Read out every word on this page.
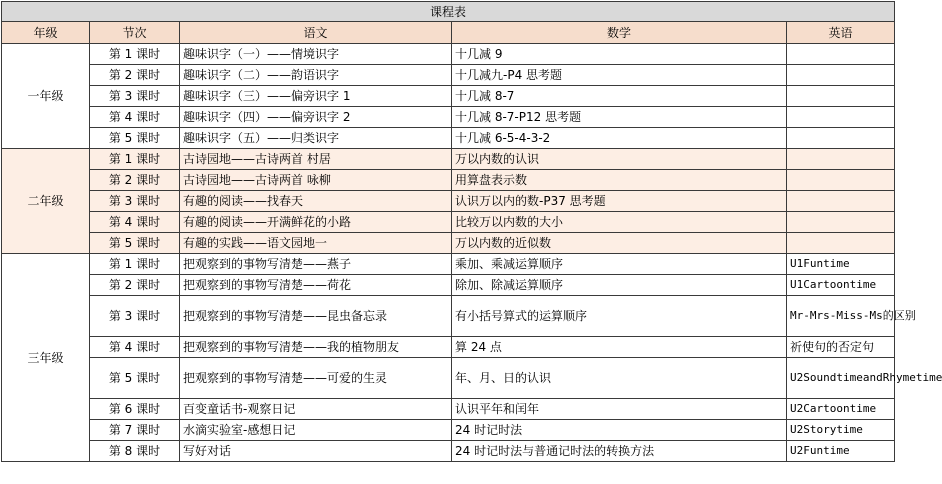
课程表				
年级	节次	语文	数学	英语
一年级	第 1 课时	趣味识字（一）——情境识字	十几减 9	
	第 2 课时	趣味识字（二）——韵语识字	十几减九-P4 思考题	
	第 3 课时	趣味识字（三）——偏旁识字 1	十几减 8-7	
	第 4 课时	趣味识字（四）——偏旁识字 2	十几减 8-7-P12 思考题	
	第 5 课时	趣味识字（五）——归类识字	十几减 6-5-4-3-2	
二年级	第 1 课时	古诗园地——古诗两首 村居	万以内数的认识	
	第 2 课时	古诗园地——古诗两首 咏柳	用算盘表示数	
	第 3 课时	有趣的阅读——找春天	认识万以内的数-P37 思考题	
	第 4 课时	有趣的阅读——开满鲜花的小路	比较万以内数的大小	
	第 5 课时	有趣的实践——语文园地一	万以内数的近似数	
三年级	第 1 课时	把观察到的事物写清楚——燕子	乘加、乘减运算顺序	U1Funtime
	第 2 课时	把观察到的事物写清楚——荷花	除加、除减运算顺序	U1Cartoontime
	第 3 课时	把观察到的事物写清楚——昆虫备忘录	有小括号算式的运算顺序	Mr-Mrs-Miss-Ms的区别
	第 4 课时	把观察到的事物写清楚——我的植物朋友	算 24 点	祈使句的否定句
	第 5 课时	把观察到的事物写清楚——可爱的生灵	年、月、日的认识	U2SoundtimeandRhymetime
	第 6 课时	百变童话书-观察日记	认识平年和闰年	U2Cartoontime
	第 7 课时	水滴实验室-感想日记	24 时记时法	U2Storytime
	第 8 课时	写好对话	24 时记时法与普通记时法的转换方法	U2Funtime
